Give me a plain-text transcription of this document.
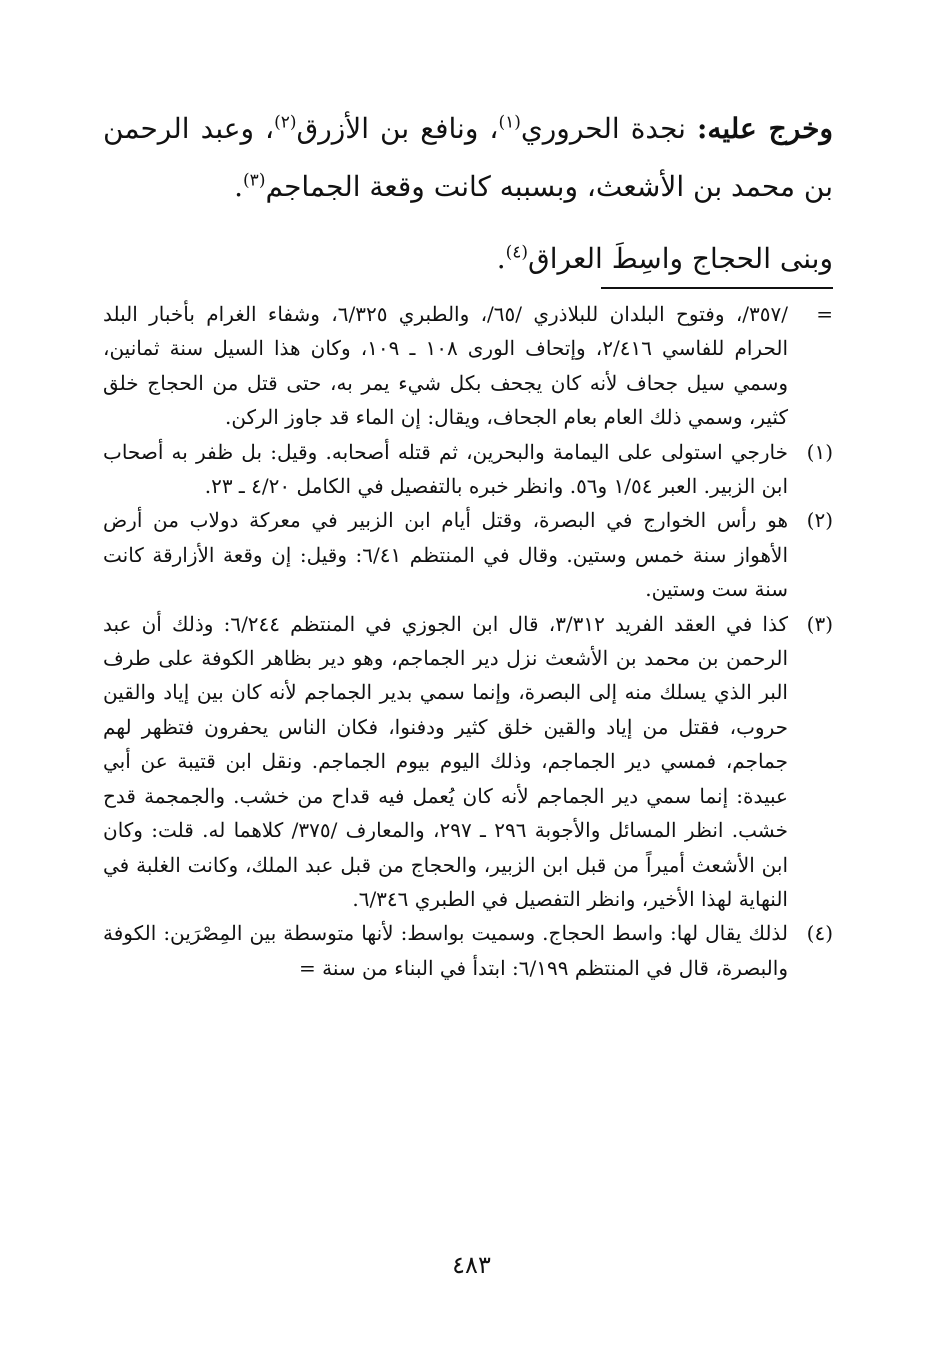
وخرج عليه: نجدة الحروري$^{(١)}$، ونافع بن الأزرق$^{(٢)}$، وعبد الرحمن بن محمد بن الأشعث، وبسببه كانت وقعة الجماجم$^{(٣)}$.

وبنى الحجاج واسِطَ العراق$^{(٤)}$.

=
/٣٥٧/، وفتوح البلدان للبلاذري /٦٥/، والطبري ٦/٣٢٥، وشفاء الغرام بأخبار البلد الحرام للفاسي ٢/٤١٦، وإتحاف الورى ١٠٨ ـ ١٠٩، وكان هذا السيل سنة ثمانين، وسمي سيل جحاف لأنه كان يجحف بكل شيء يمر به، حتى قتل من الحجاج خلق كثير، وسمي ذلك العام بعام الجحاف، ويقال: إن الماء قد جاوز الركن.
(١)
خارجي استولى على اليمامة والبحرين، ثم قتله أصحابه. وقيل: بل ظفر به أصحاب ابن الزبير. العبر ١/٥٤ و٥٦. وانظر خبره بالتفصيل في الكامل ٤/٢٠ ـ ٢٣.
(٢)
هو رأس الخوارج في البصرة، وقتل أيام ابن الزبير في معركة دولاب من أرض الأهواز سنة خمس وستين. وقال في المنتظم ٦/٤١: وقيل: إن وقعة الأزارقة كانت سنة ست وستين.
(٣)
كذا في العقد الفريد ٣/٣١٢، قال ابن الجوزي في المنتظم ٦/٢٤٤: وذلك أن عبد الرحمن بن محمد بن الأشعث نزل دير الجماجم، وهو دير بظاهر الكوفة على طرف البر الذي يسلك منه إلى البصرة، وإنما سمي بدير الجماجم لأنه كان بين إياد والقين حروب، فقتل من إياد والقين خلق كثير ودفنوا، فكان الناس يحفرون فتظهر لهم جماجم، فمسي دير الجماجم، وذلك اليوم بيوم الجماجم. ونقل ابن قتيبة عن أبي عبيدة: إنما سمي دير الجماجم لأنه كان يُعمل فيه قداح من خشب. والجمجمة قدح خشب. انظر المسائل والأجوبة ٢٩٦ ـ ٢٩٧، والمعارف /٣٧٥/ كلاهما له. قلت: وكان ابن الأشعث أميراً من قبل ابن الزبير، والحجاج من قبل عبد الملك، وكانت الغلبة في النهاية لهذا الأخير، وانظر التفصيل في الطبري ٦/٣٤٦.
(٤)
لذلك يقال لها: واسط الحجاج. وسميت بواسط: لأنها متوسطة بين المِصْرَين: الكوفة والبصرة، قال في المنتظم ٦/١٩٩: ابتدأ في البناء من سنة =
٤٨٣
